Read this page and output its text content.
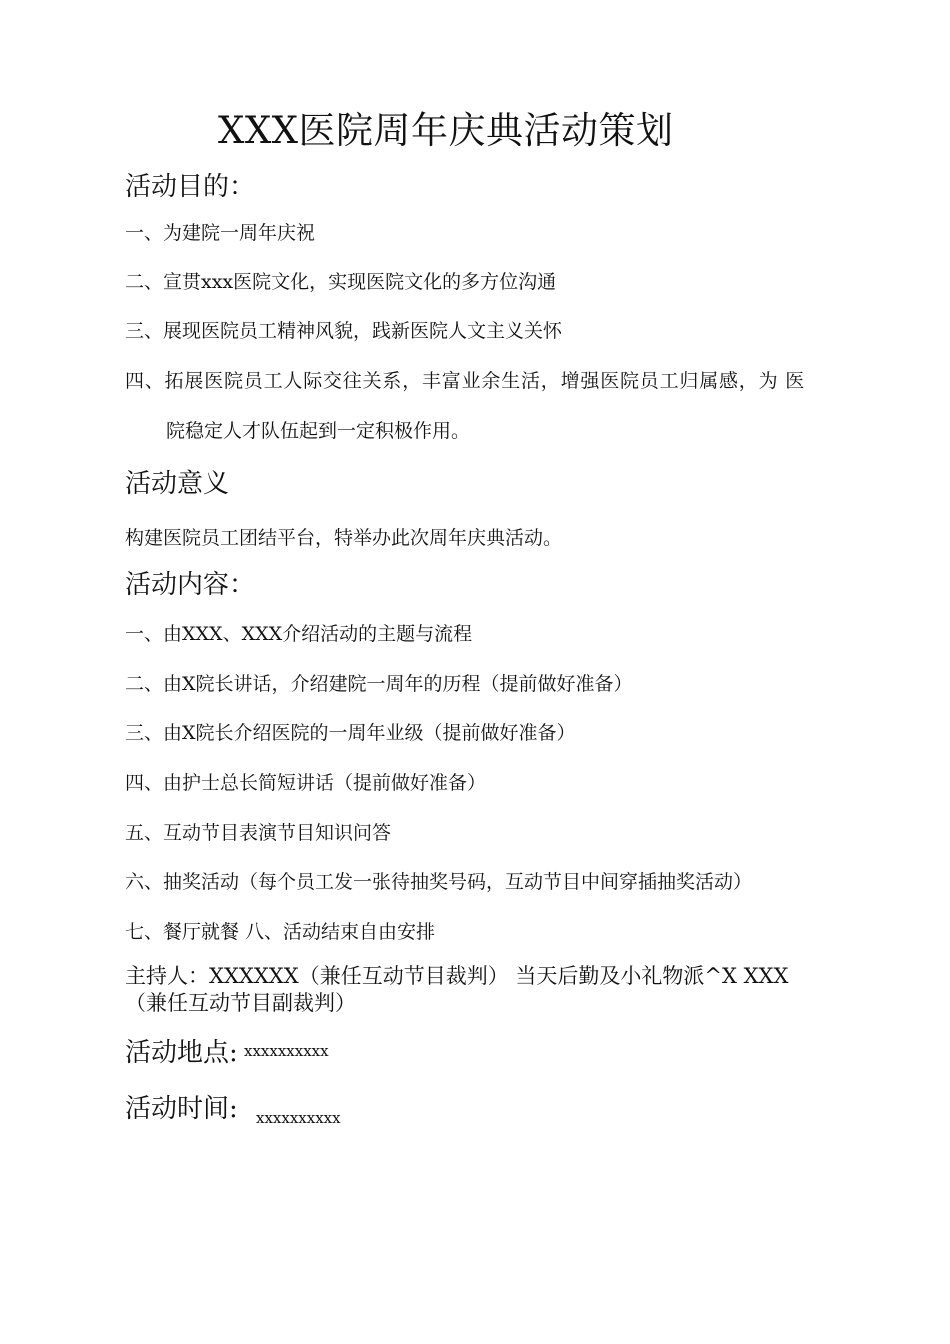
XXX医院周年庆典活动策划
活动目的：
一、为建院一周年庆祝
二、宣贯xxx医院文化，实现医院文化的多方位沟通
三、展现医院员工精神风貌，践新医院人文主义关怀
四、拓展医院员工人际交往关系，丰富业余生活，增强医院员工归属感，为 医
院稳定人才队伍起到一定积极作用。
活动意义
构建医院员工团结平台，特举办此次周年庆典活动。
活动内容：
一、由XXX、XXX介绍活动的主题与流程
二、由X院长讲话，介绍建院一周年的历程（提前做好准备）
三、由X院长介绍医院的一周年业级（提前做好准备）
四、由护士总长简短讲话（提前做好准备）
五、互动节目表演节目知识问答
六、抽奖活动（每个员工发一张待抽奖号码，互动节目中间穿插抽奖活动）
七、餐厅就餐 八、活动结束自由安排
主持人：XXXXXX（兼任互动节目裁判） 当天后勤及小礼物派^X XXX
（兼任互动节目副裁判）
活动地点: xxxxxxxxxx
活动时间: xxxxxxxxxx
